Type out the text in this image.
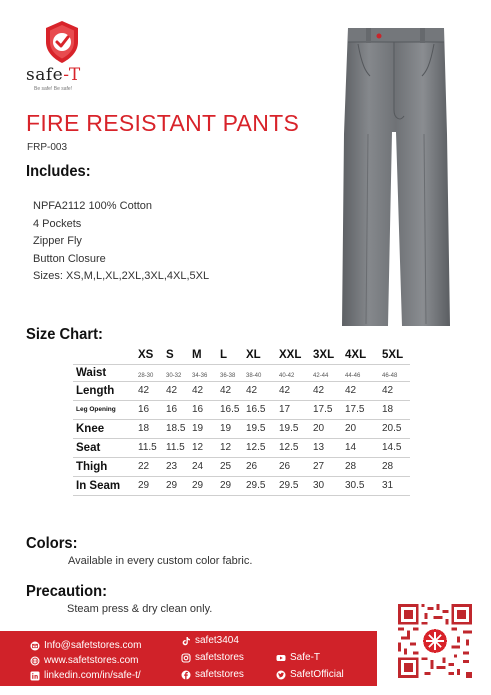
safe-T
Be safe! Be safe!
FIRE RESISTANT PANTS
FRP-003
Includes:
NPFA2112 100% Cotton
4 Pockets
Zipper Fly
Button Closure
Sizes: XS,M,L,XL,2XL,3XL,4XL,5XL
Size Chart:
	XS	S	M	L	XL	XXL	3XL	4XL	5XL
Waist	28-30	30-32	34-36	36-38	38-40	40-42	42-44	44-46	46-48
Length	42	42	42	42	42	42	42	42	42
Leg Opening	16	16	16	16.5	16.5	17	17.5	17.5	18
Knee	18	18.5	19	19	19.5	19.5	20	20	20.5
Seat	11.5	11.5	12	12	12.5	12.5	13	14	14.5
Thigh	22	23	24	25	26	26	27	28	28
In Seam	29	29	29	29	29.5	29.5	30	30.5	31
Colors:
Available in every custom color fabric.
Precaution:
Steam press & dry clean only.
Info@safetstores.com
www.safetstores.com
linkedin.com/in/safe-t/
safet3404
safetstores
safetstores
Safe-T
SafetOfficial
